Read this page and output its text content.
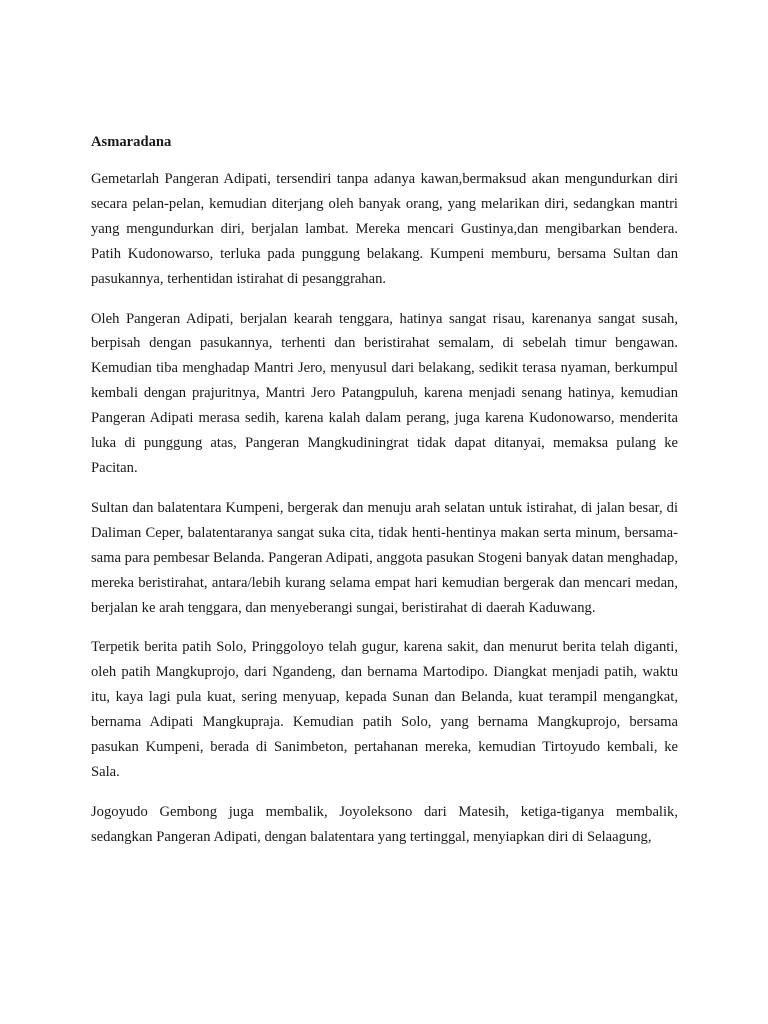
Asmaradana

Gemetarlah Pangeran Adipati, tersendiri tanpa adanya kawan,bermaksud akan mengundurkan diri secara pelan-pelan, kemudian diterjang oleh banyak orang, yang melarikan diri, sedangkan mantri yang mengundurkan diri, berjalan lambat. Mereka mencari Gustinya,dan mengibarkan bendera. Patih Kudonowarso, terluka pada punggung belakang. Kumpeni memburu, bersama Sultan dan pasukannya, terhentidan istirahat di pesanggrahan.

Oleh Pangeran Adipati, berjalan kearah tenggara, hatinya sangat risau, karenanya sangat susah, berpisah dengan pasukannya, terhenti dan beristirahat semalam, di sebelah timur bengawan. Kemudian tiba menghadap Mantri Jero, menyusul dari belakang, sedikit terasa nyaman, berkumpul kembali dengan prajuritnya, Mantri Jero Patangpuluh, karena menjadi senang hatinya, kemudian Pangeran Adipati merasa sedih, karena kalah dalam perang, juga karena Kudonowarso, menderita luka di punggung atas, Pangeran Mangkudiningrat tidak dapat ditanyai, memaksa pulang ke Pacitan.

Sultan dan balatentara Kumpeni, bergerak dan menuju arah selatan untuk istirahat, di jalan besar, di Daliman Ceper, balatentaranya sangat suka cita, tidak henti-hentinya makan serta minum, bersama-sama para pembesar Belanda. Pangeran Adipati, anggota pasukan Stogeni banyak datan menghadap, mereka beristirahat, antara/lebih kurang selama empat hari kemudian bergerak dan mencari medan, berjalan ke arah tenggara, dan menyeberangi sungai, beristirahat di daerah Kaduwang.

Terpetik berita patih Solo, Pringgoloyo telah gugur, karena sakit, dan menurut berita telah diganti, oleh patih Mangkuprojo, dari Ngandeng, dan bernama Martodipo. Diangkat menjadi patih, waktu itu, kaya lagi pula kuat, sering menyuap, kepada Sunan dan Belanda, kuat terampil mengangkat, bernama Adipati Mangkupraja. Kemudian patih Solo, yang bernama Mangkuprojo, bersama pasukan Kumpeni, berada di Sanimbeton, pertahanan mereka, kemudian Tirtoyudo kembali, ke Sala.

Jogoyudo Gembong juga membalik, Joyoleksono dari Matesih, ketiga-tiganya membalik, sedangkan Pangeran Adipati, dengan balatentara yang tertinggal, menyiapkan diri di Selaagung,
